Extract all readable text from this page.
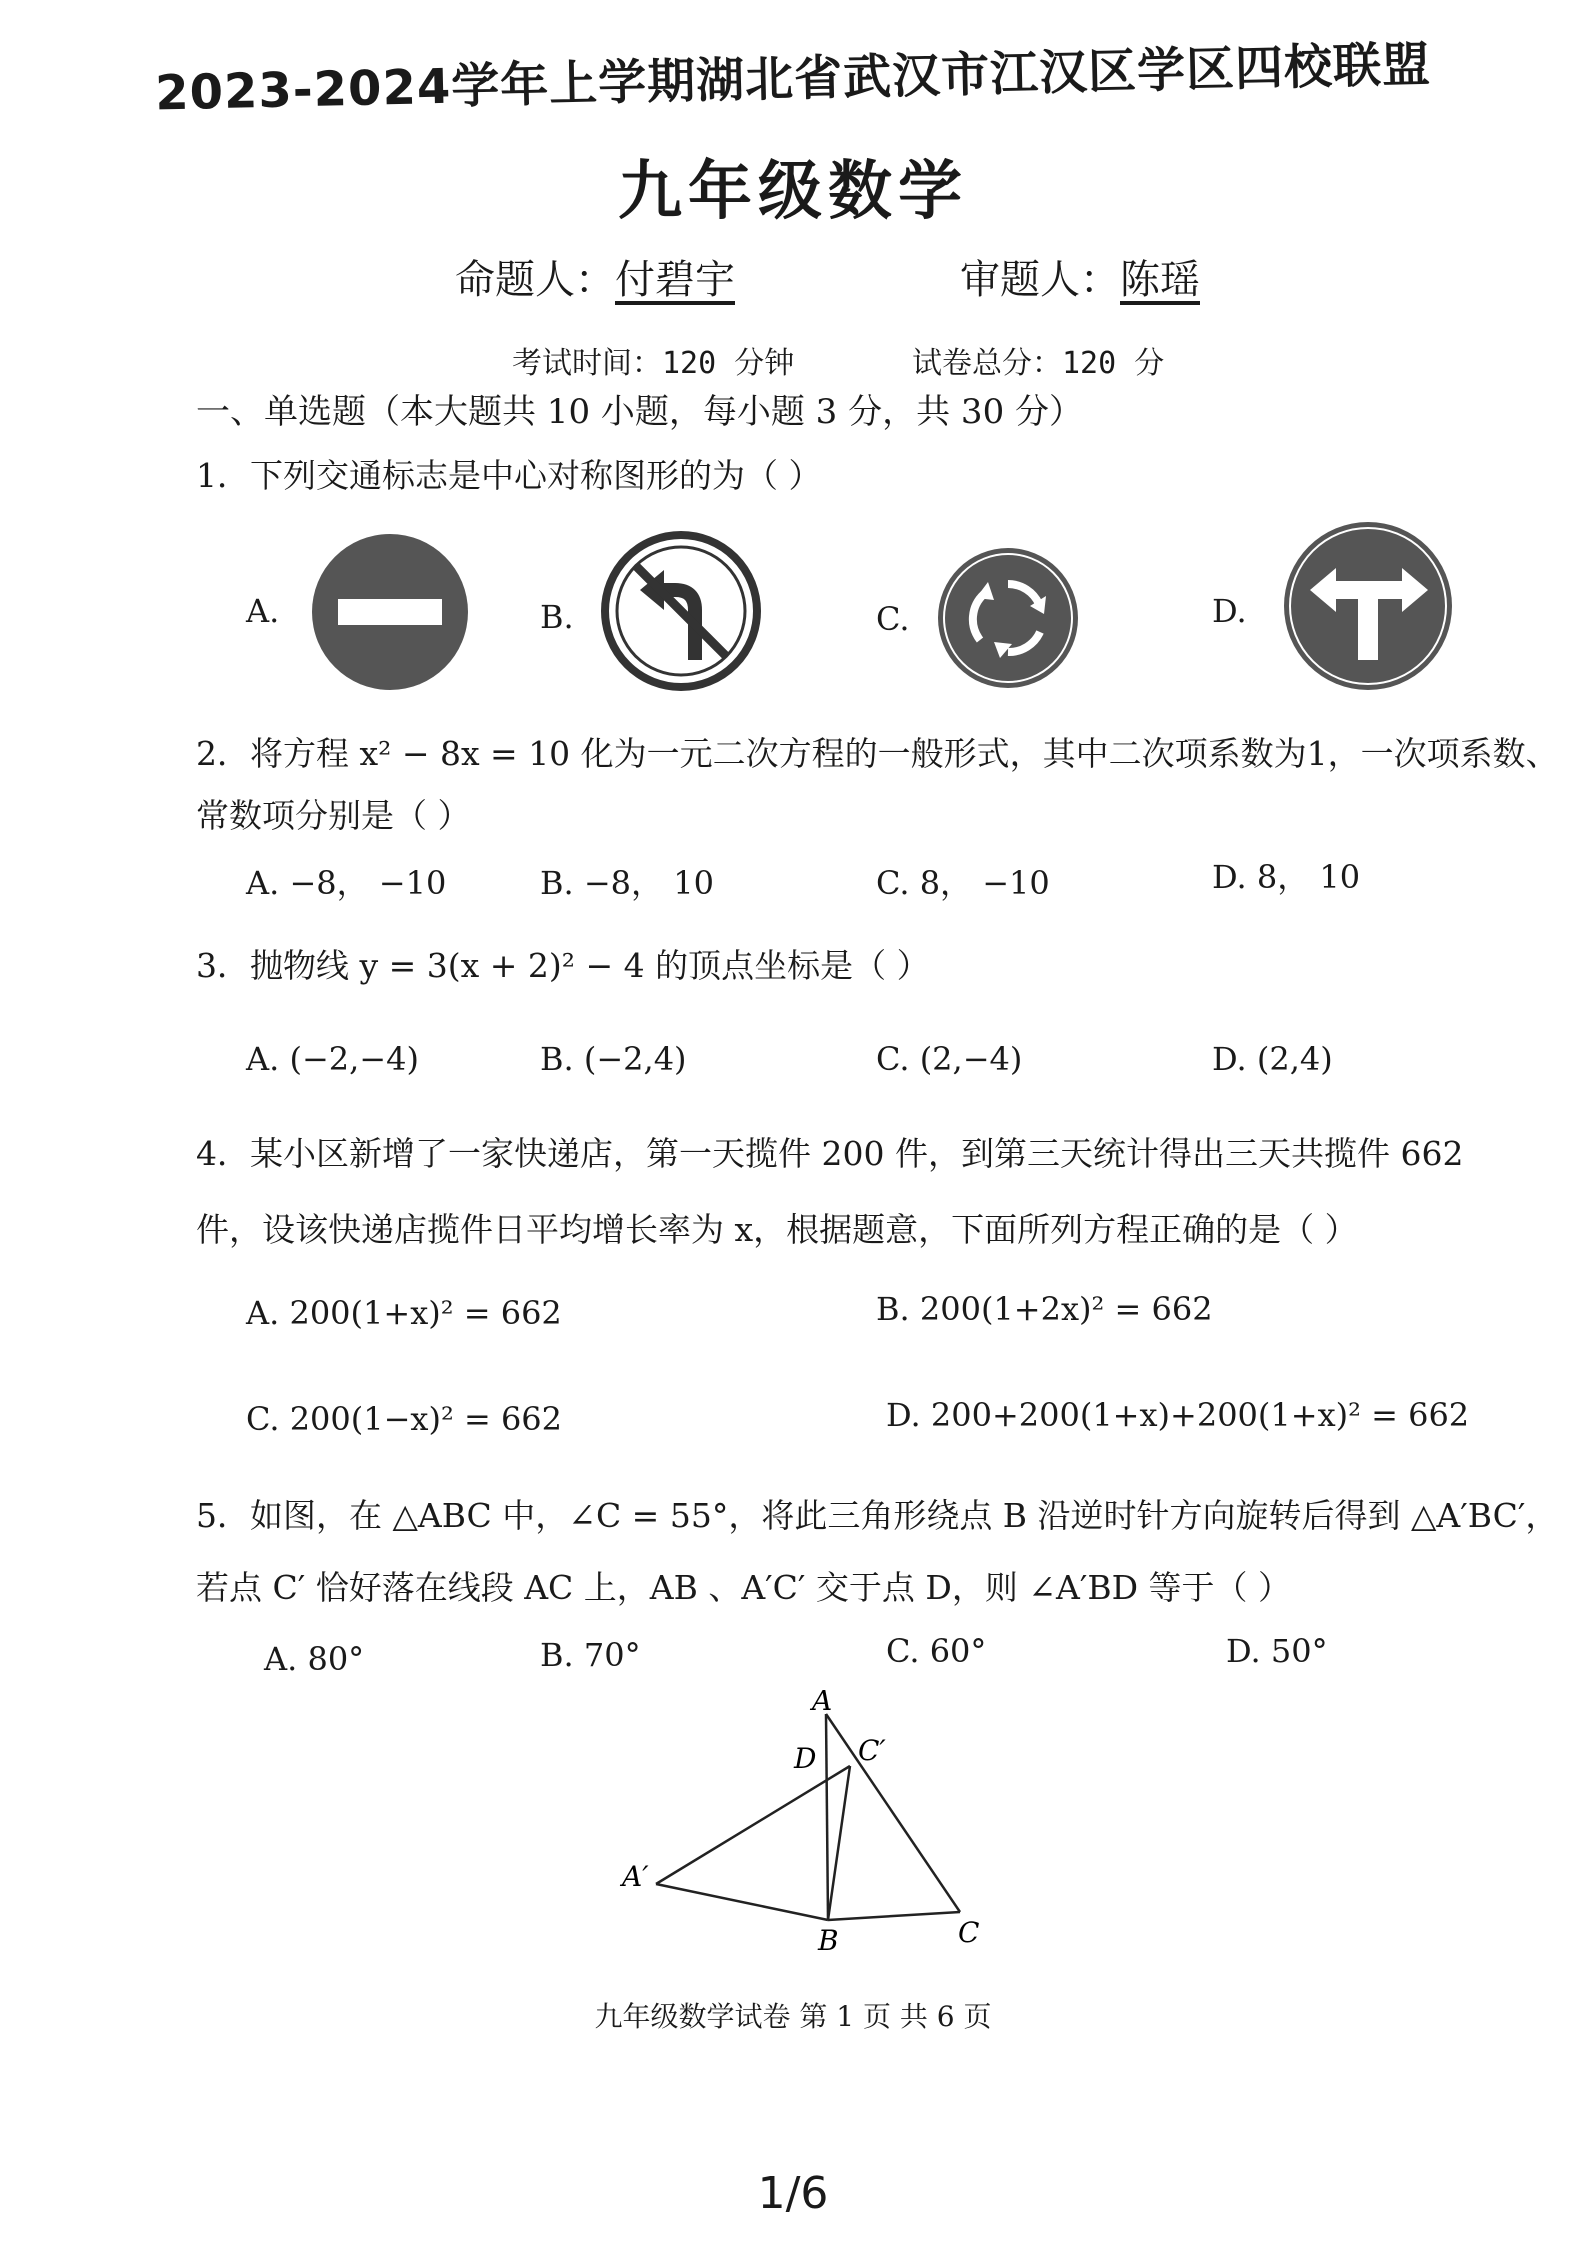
2023-2024学年上学期湖北省武汉市江汉区学区四校联盟
九年级数学
命题人：付碧宇	审题人：陈瑶
考试时间：120 分钟	试卷总分：120 分
一、单选题（本大题共 10 小题，每小题 3 分，共 30 分）
1．下列交通标志是中心对称图形的为（ ）
A.	B.	C.	D.
2．将方程 x² − 8x = 10 化为一元二次方程的一般形式，其中二次项系数为1，一次项系数、
常数项分别是（ ）
A. −8， −10	B. −8， 10	C. 8， −10	D. 8， 10
3．抛物线 y = 3(x + 2)² − 4 的顶点坐标是（ ）
A. (−2,−4)	B. (−2,4)	C. (2,−4)	D. (2,4)
4．某小区新增了一家快递店，第一天揽件 200 件，到第三天统计得出三天共揽件 662
件，设该快递店揽件日平均增长率为 x，根据题意，下面所列方程正确的是（ ）
A. 200(1+x)² = 662	B. 200(1+2x)² = 662
C. 200(1−x)² = 662	D. 200+200(1+x)+200(1+x)² = 662
5．如图，在 △ABC 中，∠C = 55°，将此三角形绕点 B 沿逆时针方向旋转后得到 △A′BC′，
若点 C′ 恰好落在线段 AC 上，AB 、A′C′ 交于点 D，则 ∠A′BD 等于（ ）
A. 80°	B. 70°	C. 60°	D. 50°
A
D C′
A′
B	C
九年级数学试卷 第 1 页 共 6 页
1/6
